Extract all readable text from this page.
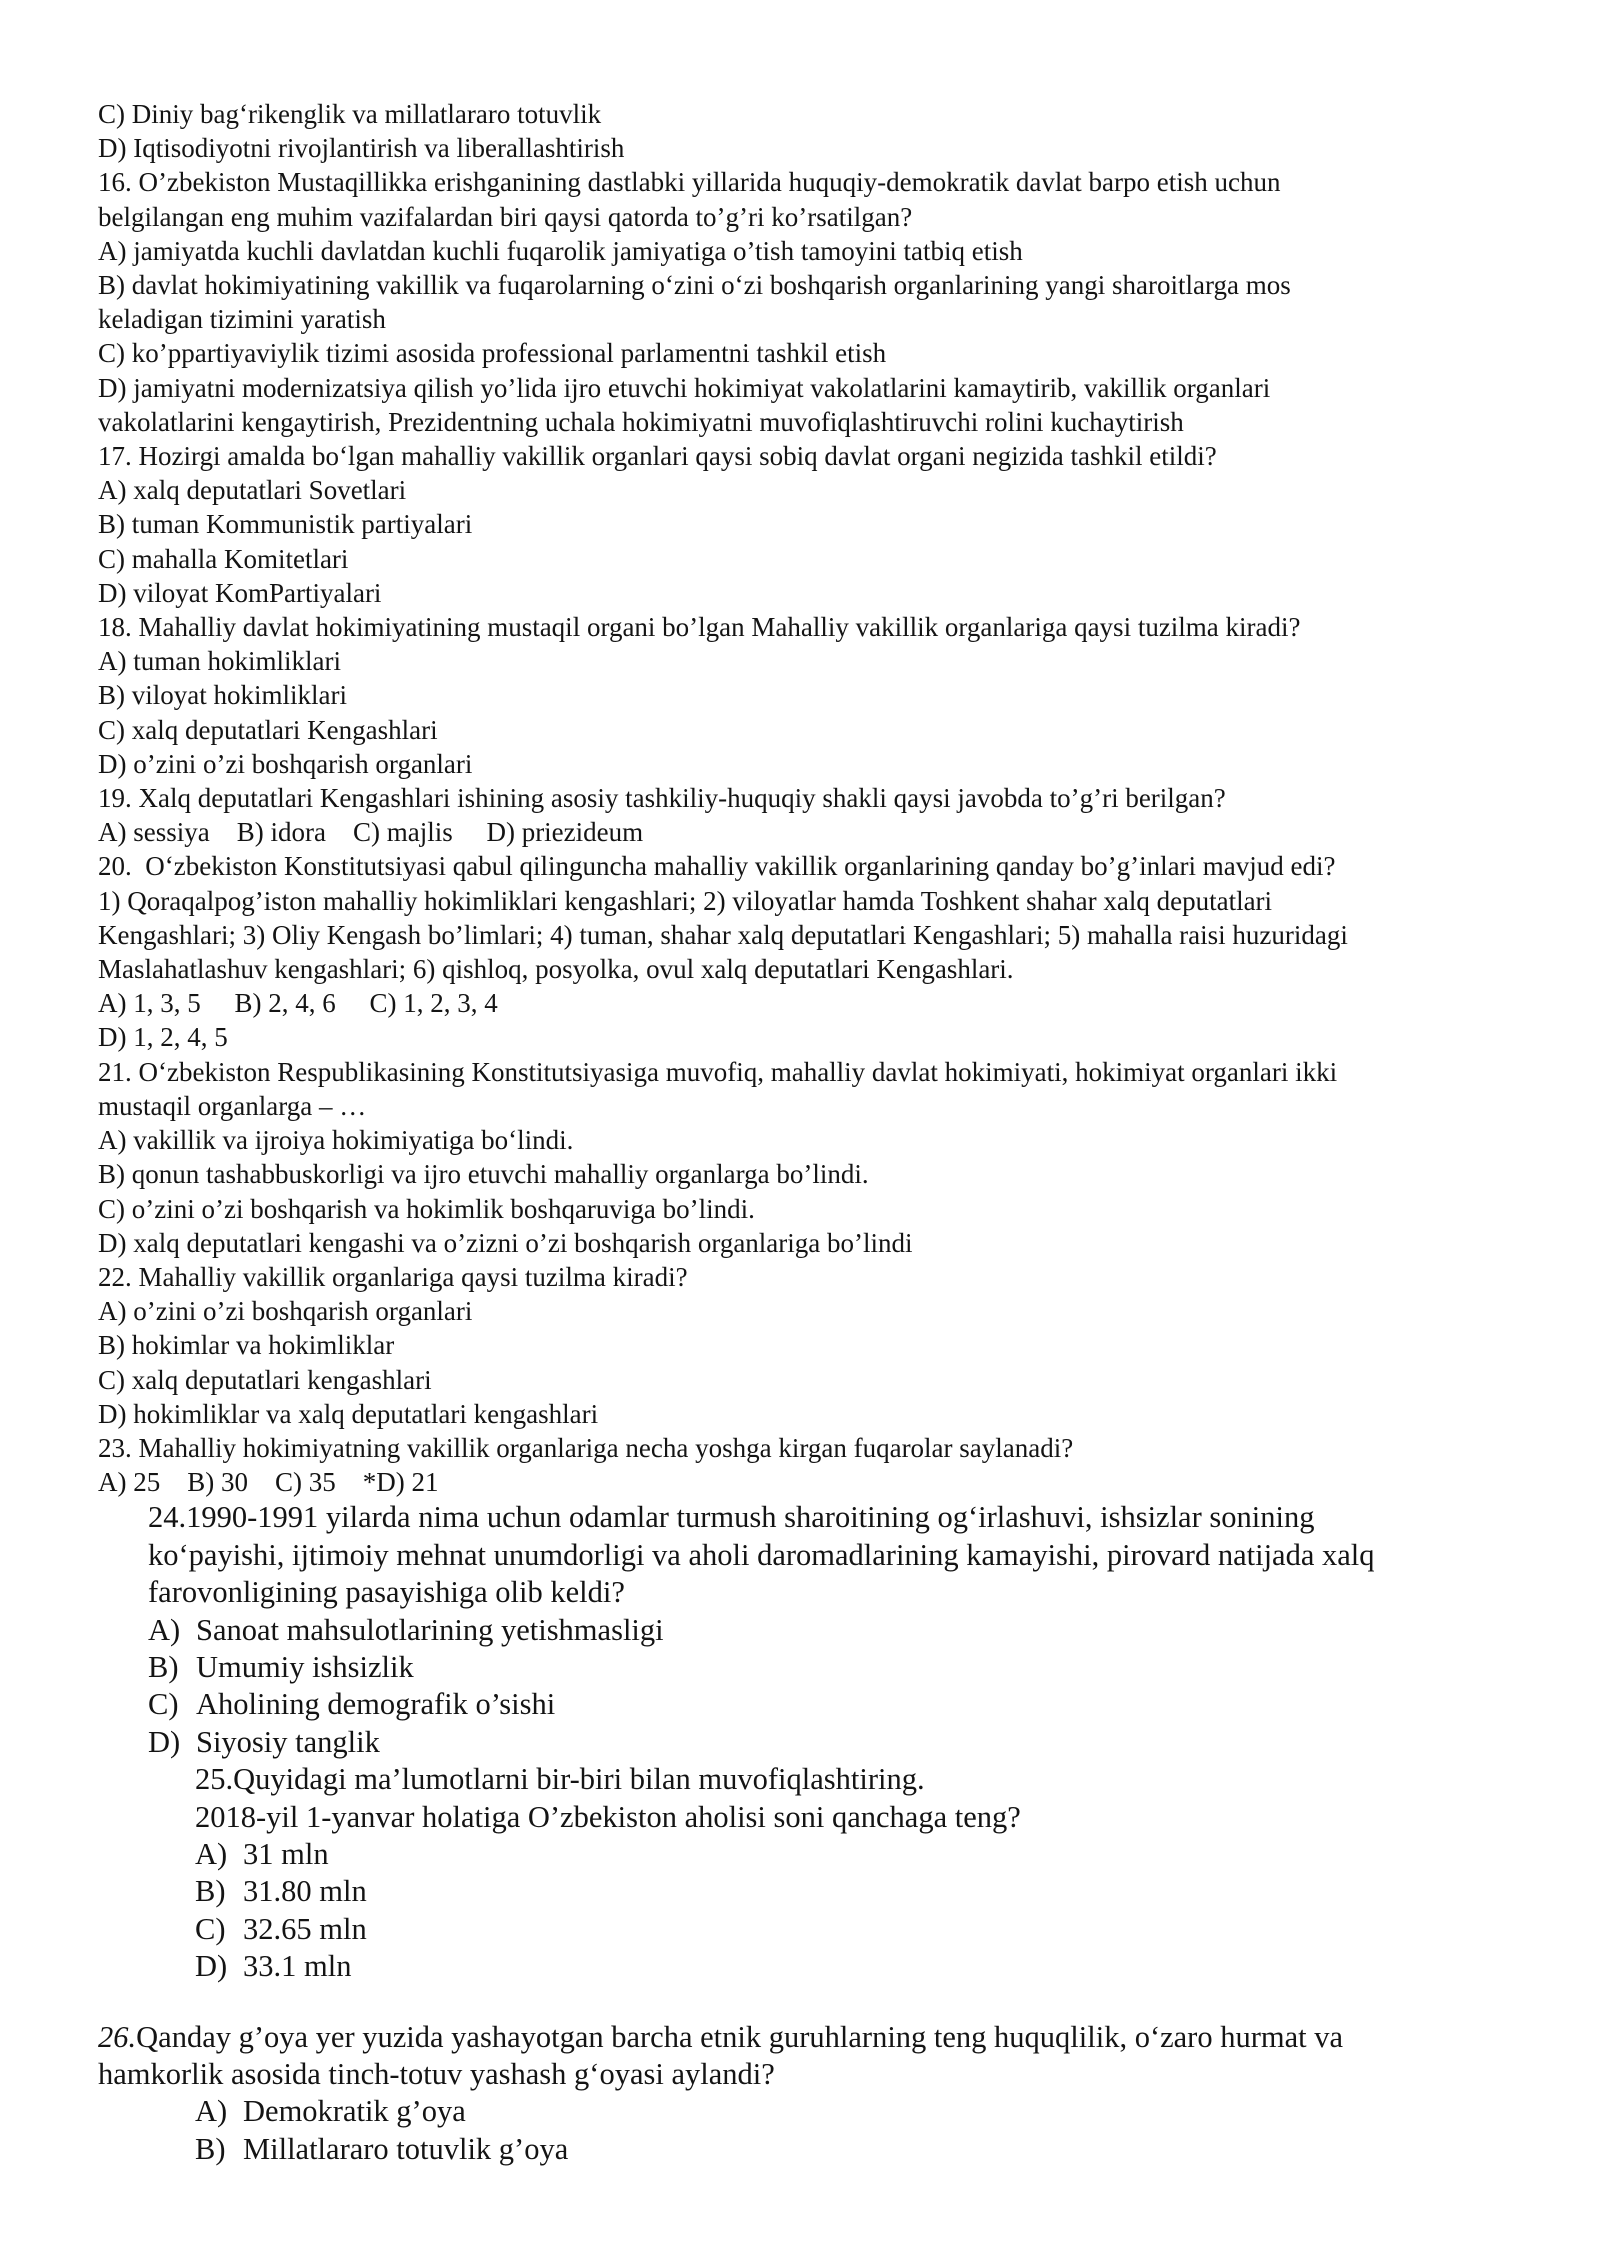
C) Diniy bag‘rikenglik va millatlararo totuvlik
D) Iqtisodiyotni rivojlantirish va liberallashtirish
16. O’zbekiston Mustaqillikka erishganining dastlabki yillarida huquqiy-demokratik davlat barpo etish uchun
belgilangan eng muhim vazifalardan biri qaysi qatorda to’g’ri ko’rsatilgan?
A) jamiyatda kuchli davlatdan kuchli fuqarolik jamiyatiga o’tish tamoyini tatbiq etish
B) davlat hokimiyatining vakillik va fuqarolarning o‘zini o‘zi boshqarish organlarining yangi sharoitlarga mos
keladigan tizimini yaratish
C) ko’ppartiyaviylik tizimi asosida professional parlamentni tashkil etish
D) jamiyatni modernizatsiya qilish yo’lida ijro etuvchi hokimiyat vakolatlarini kamaytirib, vakillik organlari
vakolatlarini kengaytirish, Prezidentning uchala hokimiyatni muvofiqlashtiruvchi rolini kuchaytirish
17. Hozirgi amalda bo‘lgan mahalliy vakillik organlari qaysi sobiq davlat organi negizida tashkil etildi?
A) xalq deputatlari Sovetlari
B) tuman Kommunistik partiyalari
C) mahalla Komitetlari
D) viloyat KomPartiyalari
18. Mahalliy davlat hokimiyatining mustaqil organi bo’lgan Mahalliy vakillik organlariga qaysi tuzilma kiradi?
A) tuman hokimliklari
B) viloyat hokimliklari
C) xalq deputatlari Kengashlari
D) o’zini o’zi boshqarish organlari
19. Xalq deputatlari Kengashlari ishining asosiy tashkiliy-huquqiy shakli qaysi javobda to’g’ri berilgan?
A) sessiya    B) idora    C) majlis     D) priezideum
20.  O‘zbekiston Konstitutsiyasi qabul qilinguncha mahalliy vakillik organlarining qanday bo’g’inlari mavjud edi?
1) Qoraqalpog’iston mahalliy hokimliklari kengashlari; 2) viloyatlar hamda Toshkent shahar xalq deputatlari
Kengashlari; 3) Oliy Kengash bo’limlari; 4) tuman, shahar xalq deputatlari Kengashlari; 5) mahalla raisi huzuridagi
Maslahatlashuv kengashlari; 6) qishloq, posyolka, ovul xalq deputatlari Kengashlari.
A) 1, 3, 5     B) 2, 4, 6     C) 1, 2, 3, 4
D) 1, 2, 4, 5
21. O‘zbekiston Respublikasining Konstitutsiyasiga muvofiq, mahalliy davlat hokimiyati, hokimiyat organlari ikki
mustaqil organlarga – …
A) vakillik va ijroiya hokimiyatiga bo‘lindi.
B) qonun tashabbuskorligi va ijro etuvchi mahalliy organlarga bo’lindi.
C) o’zini o’zi boshqarish va hokimlik boshqaruviga bo’lindi.
D) xalq deputatlari kengashi va o’zizni o’zi boshqarish organlariga bo’lindi
22. Mahalliy vakillik organlariga qaysi tuzilma kiradi?
A) o’zini o’zi boshqarish organlari
B) hokimlar va hokimliklar
C) xalq deputatlari kengashlari
D) hokimliklar va xalq deputatlari kengashlari
23. Mahalliy hokimiyatning vakillik organlariga necha yoshga kirgan fuqarolar saylanadi?
A) 25    B) 30    C) 35    *D) 21
24.1990-1991 yilarda nima uchun odamlar turmush sharoitining og‘irlashuvi, ishsizlar sonining
ko‘payishi, ijtimoiy mehnat unumdorligi va aholi daromadlarining kamayishi, pirovard natijada xalq
farovonligining pasayishiga olib keldi?
A) Sanoat mahsulotlarining yetishmasligi
B) Umumiy ishsizlik
C) Aholining demografik o’sishi
D) Siyosiy tanglik
25.Quyidagi ma’lumotlarni bir-biri bilan muvofiqlashtiring.
2018-yil 1-yanvar holatiga O’zbekiston aholisi soni qanchaga teng?
A) 31 mln
B) 31.80 mln
C) 32.65 mln
D) 33.1 mln
26.Qanday g’oya yer yuzida yashayotgan barcha etnik guruhlarning teng huquqlilik, o‘zaro hurmat va
hamkorlik asosida tinch-totuv yashash g‘oyasi aylandi?
A) Demokratik g’oya
B) Millatlararo totuvlik g’oya
